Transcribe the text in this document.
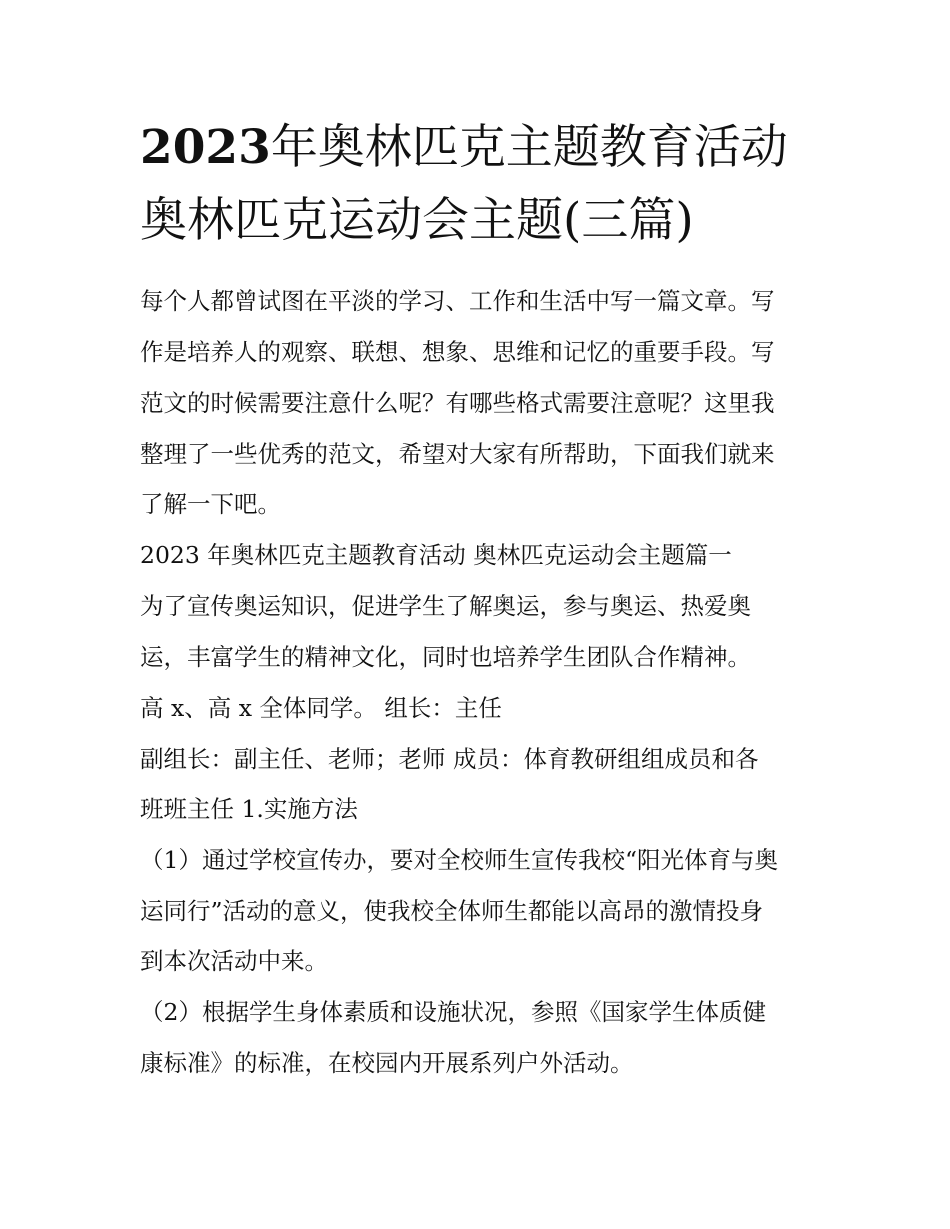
2023年奥林匹克主题教育活动
奥林匹克运动会主题(三篇)

每个人都曾试图在平淡的学习、工作和生活中写一篇文章。写

作是培养人的观察、联想、想象、思维和记忆的重要手段。写

范文的时候需要注意什么呢？有哪些格式需要注意呢？这里我

整理了一些优秀的范文，希望对大家有所帮助，下面我们就来

了解一下吧。

2023 年奥林匹克主题教育活动 奥林匹克运动会主题篇一

为了宣传奥运知识，促进学生了解奥运，参与奥运、热爱奥

运，丰富学生的精神文化，同时也培养学生团队合作精神。

高 x、高 x 全体同学。 组长：主任

副组长：副主任、老师；老师 成员：体育教研组组成员和各

班班主任 1.实施方法

（1）通过学校宣传办，要对全校师生宣传我校“阳光体育与奥

运同行”活动的意义，使我校全体师生都能以高昂的激情投身

到本次活动中来。

（2）根据学生身体素质和设施状况，参照《国家学生体质健

康标准》的标准，在校园内开展系列户外活动。
